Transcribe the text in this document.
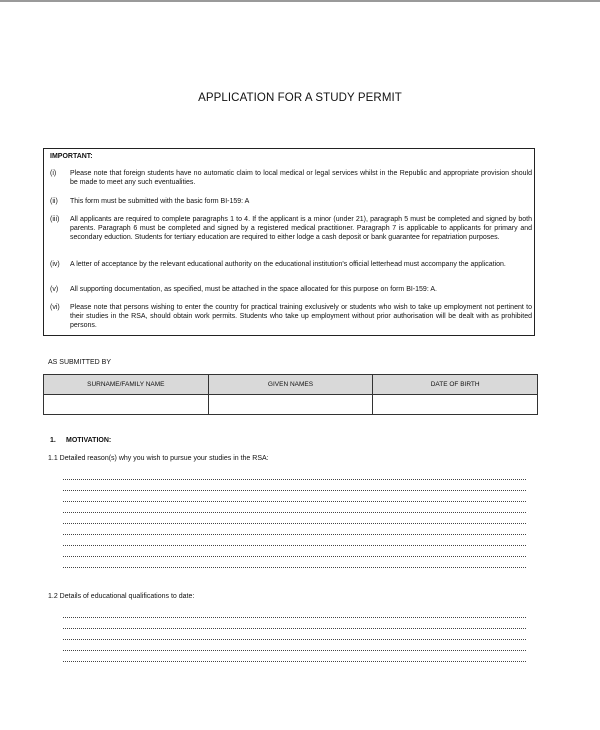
APPLICATION FOR A STUDY PERMIT
IMPORTANT:
(i) Please note that foreign students have no automatic claim to local medical or legal services whilst in the Republic and appropriate provision should be made to meet any such eventualities.
(ii) This form must be submitted with the basic form BI-159: A
(iii) All applicants are required to complete paragraphs 1 to 4. If the applicant is a minor (under 21), paragraph 5 must be completed and signed by both parents. Paragraph 6 must be completed and signed by a registered medical practitioner. Paragraph 7 is applicable to applicants for primary and secondary eduction. Students for tertiary education are required to either lodge a cash deposit or bank guarantee for repatriation purposes.
(iv) A letter of acceptance by the relevant educational authority on the educational institution's official letterhead must accompany the application.
(v) All supporting documentation, as specified, must be attached in the space allocated for this purpose on form BI-159: A.
(vi) Please note that persons wishing to enter the country for practical training exclusively or students who wish to take up employment not pertinent to their studies in the RSA, should obtain work permits. Students who take up employment without prior authorisation will be dealt with as prohibited persons.
AS SUBMITTED BY
SURNAME/FAMILY NAME	GIVEN NAMES	DATE OF BIRTH

1. MOTIVATION:
1.1 Detailed reason(s) why you wish to pursue your studies in the RSA:
1.2 Details of educational qualifications to date:
